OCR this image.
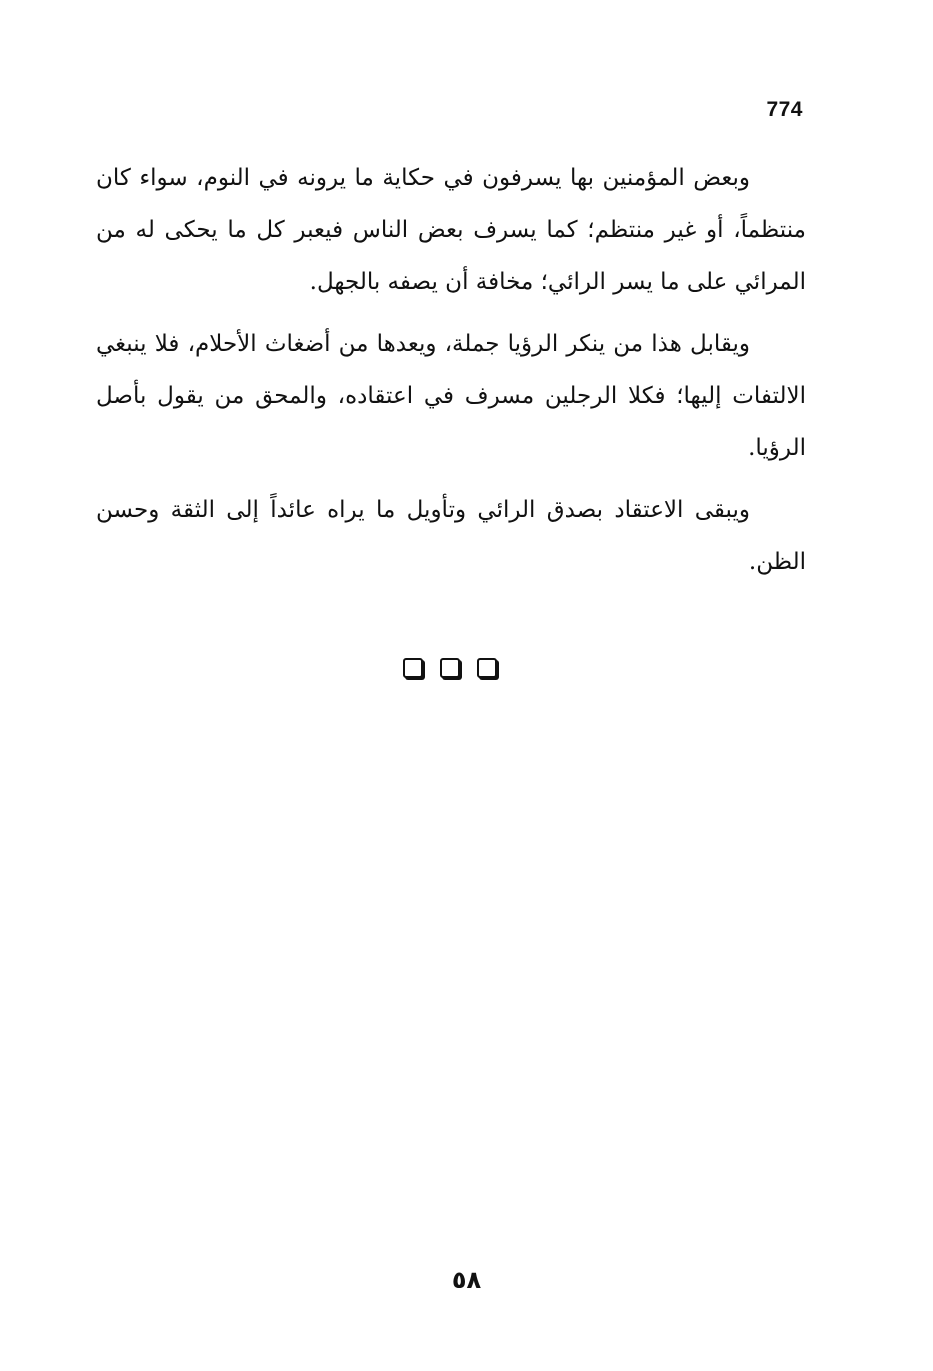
774

وبعض المؤمنين بها يسرفون في حكاية ما يرونه في النوم، سواء كان منتظماً، أو غير منتظم؛ كما يسرف بعض الناس فيعبر كل ما يحكى له من المرائي على ما يسر الرائي؛ مخافة أن يصفه بالجهل.

ويقابل هذا من ينكر الرؤيا جملة، ويعدها من أضغاث الأحلام، فلا ينبغي الالتفات إليها؛ فكلا الرجلين مسرف في اعتقاده، والمحق من يقول بأصل الرؤيا.

ويبقى الاعتقاد بصدق الرائي وتأويل ما يراه عائداً إلى الثقة وحسن الظن.

٥٨
